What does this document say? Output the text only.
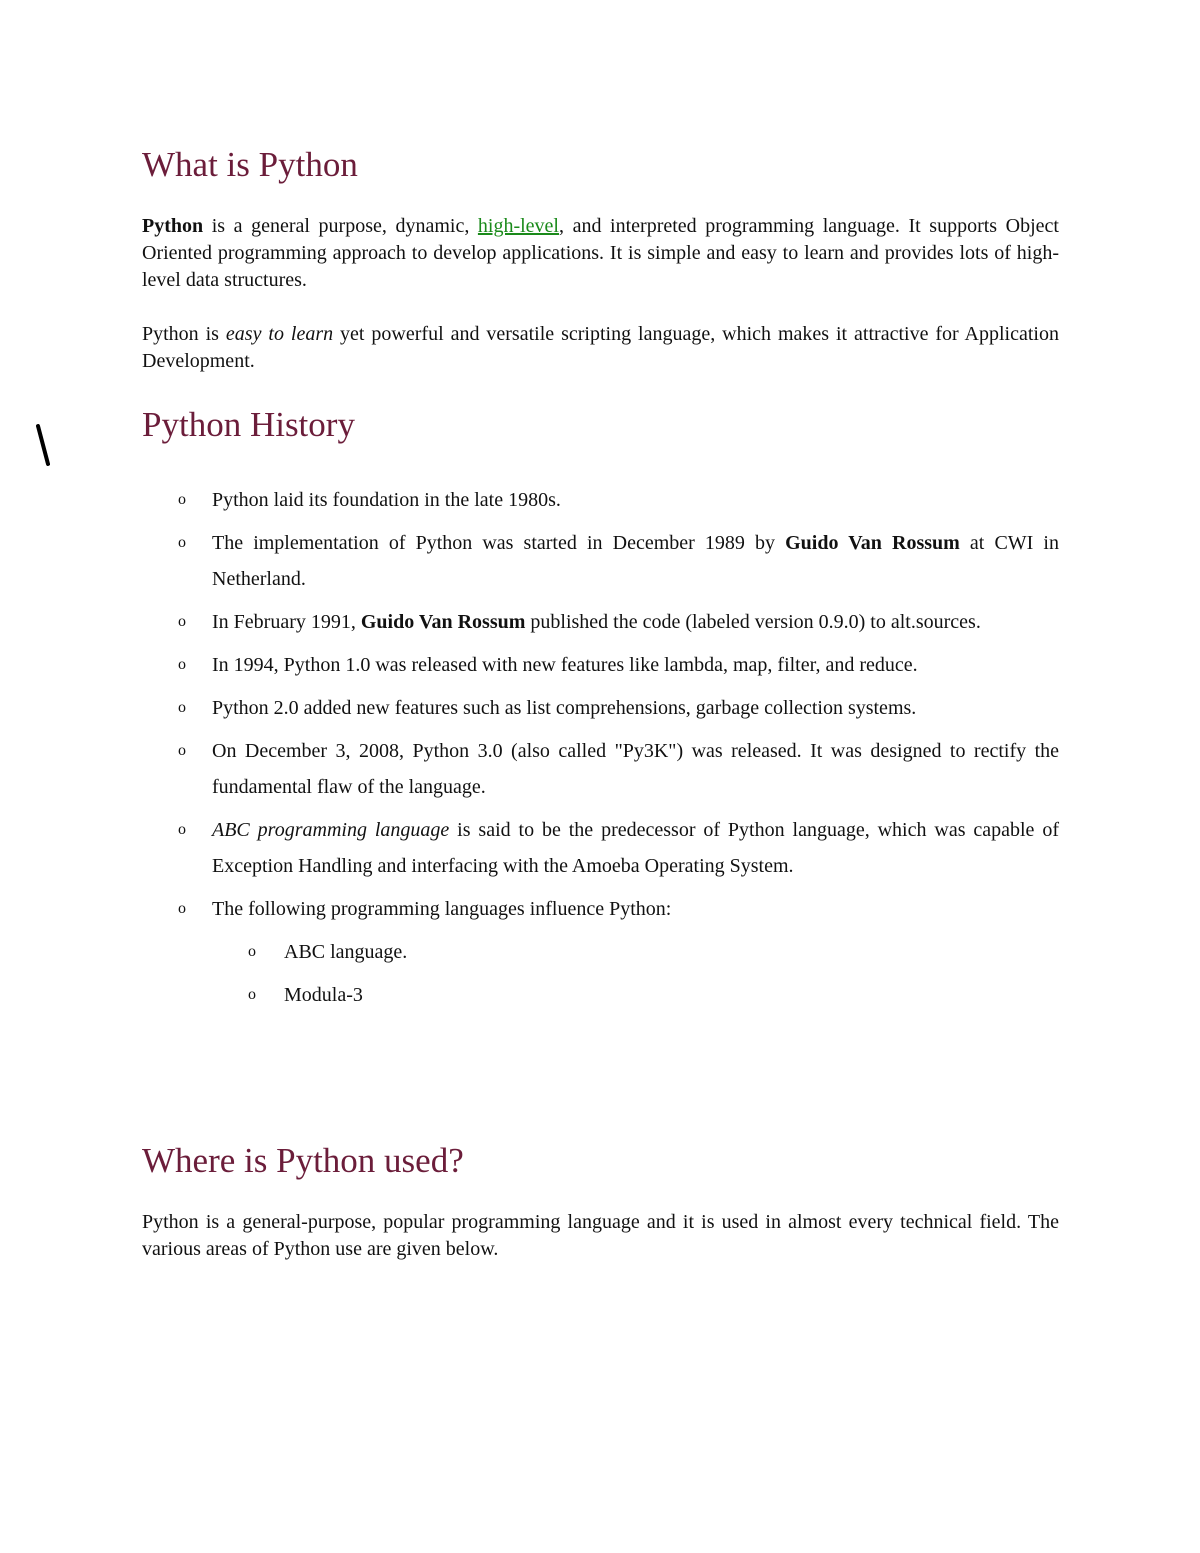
What is Python

Python is a general purpose, dynamic, high-level, and interpreted programming language. It supports Object Oriented programming approach to develop applications. It is simple and easy to learn and provides lots of high-level data structures.

Python is easy to learn yet powerful and versatile scripting language, which makes it attractive for Application Development.

Python History
o Python laid its foundation in the late 1980s.
o The implementation of Python was started in December 1989 by Guido Van Rossum at CWI in Netherland.
o In February 1991, Guido Van Rossum published the code (labeled version 0.9.0) to alt.sources.
o In 1994, Python 1.0 was released with new features like lambda, map, filter, and reduce.
o Python 2.0 added new features such as list comprehensions, garbage collection systems.
o On December 3, 2008, Python 3.0 (also called "Py3K") was released. It was designed to rectify the fundamental flaw of the language.
o ABC programming language is said to be the predecessor of Python language, which was capable of Exception Handling and interfacing with the Amoeba Operating System.
o The following programming languages influence Python:
o ABC language.
o Modula-3
Where is Python used?

Python is a general-purpose, popular programming language and it is used in almost every technical field. The various areas of Python use are given below.
